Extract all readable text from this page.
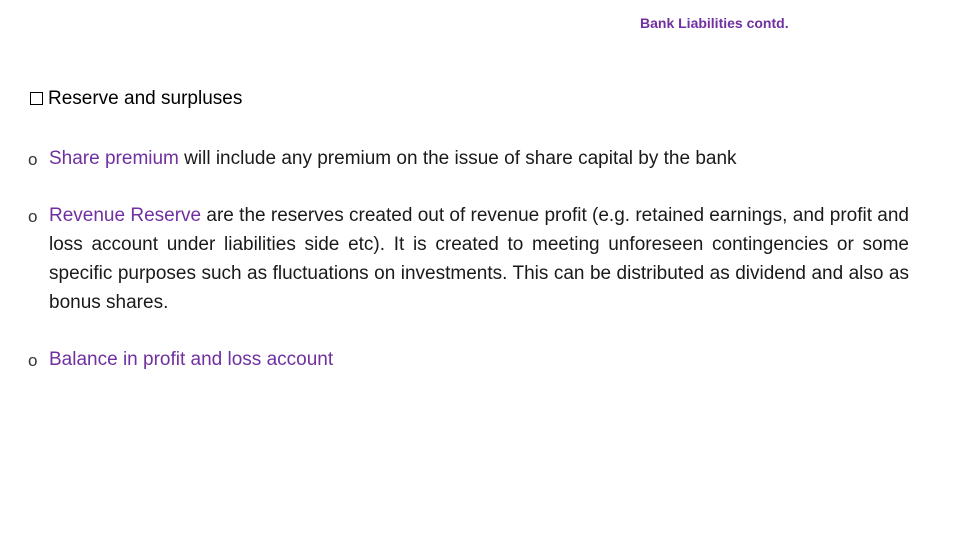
Bank Liabilities contd.
Reserve and surpluses
o Share premium will include any premium on the issue of share capital by the bank
o Revenue Reserve are the reserves created out of revenue profit (e.g. retained earnings, and profit and loss account under liabilities side etc). It is created to meeting unforeseen contingencies or some specific purposes such as fluctuations on investments. This can be distributed as dividend and also as bonus shares.
o Balance in profit and loss account
